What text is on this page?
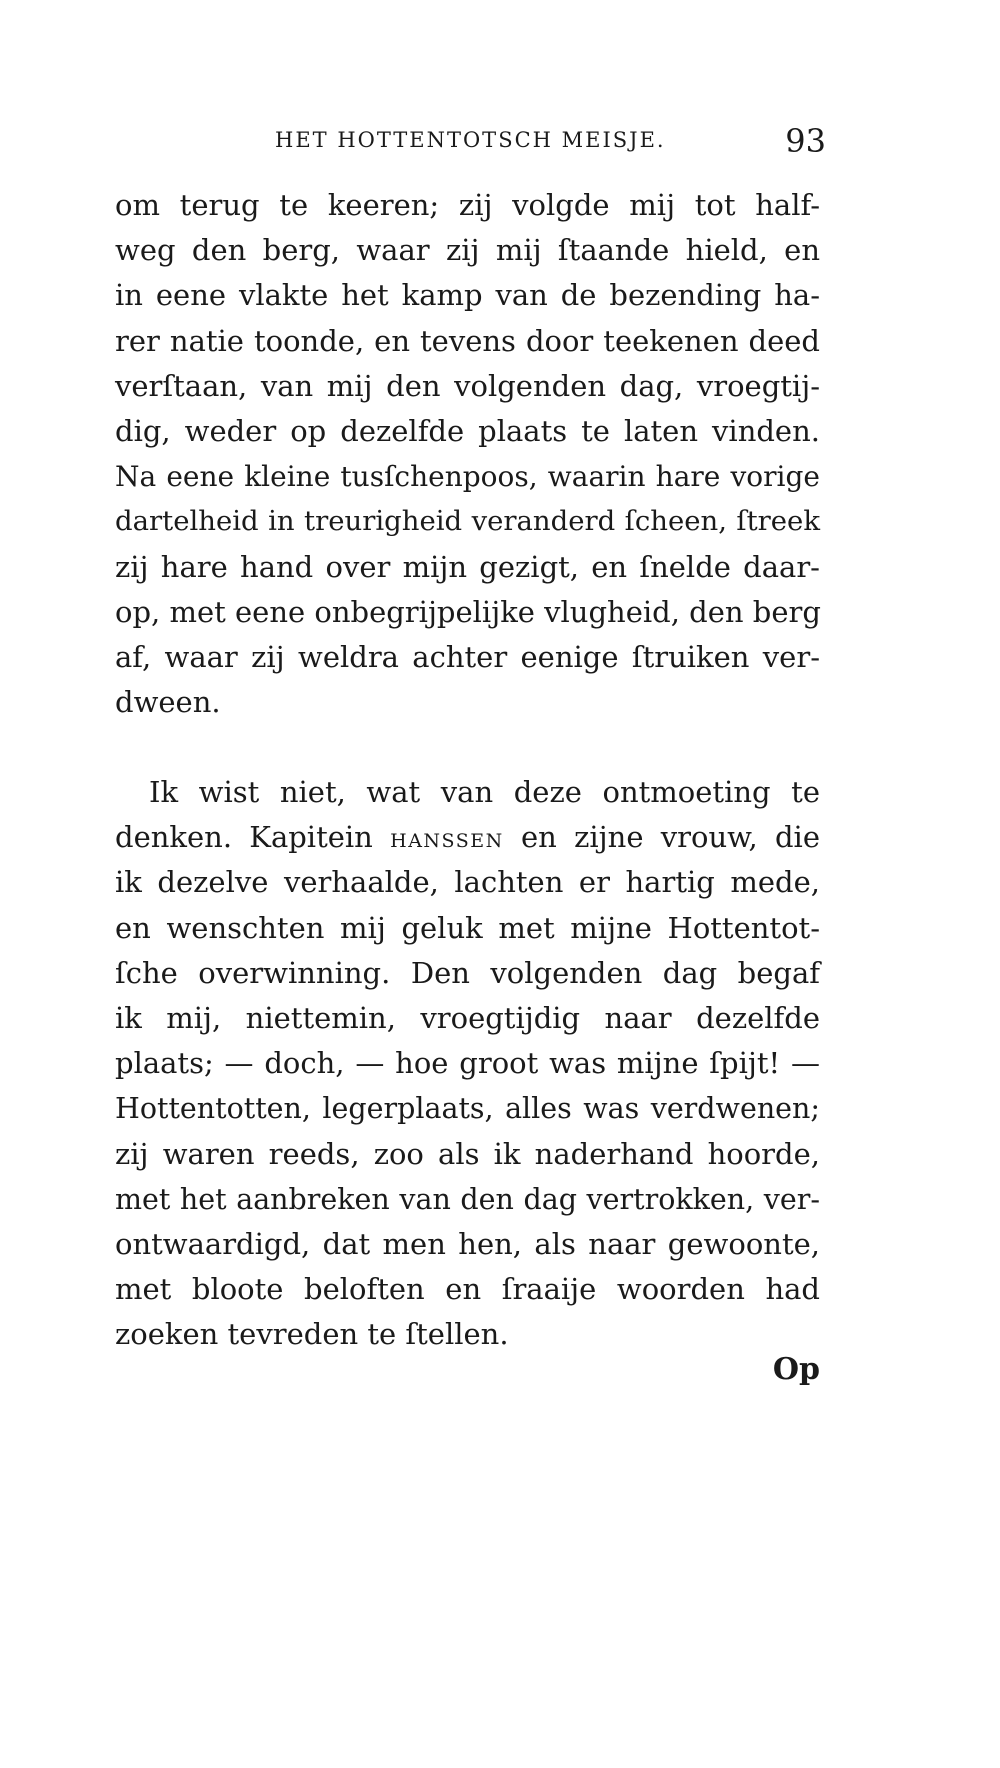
HET HOTTENTOTSCH MEISJE.	93
om terug te keeren; zij volgde mij tot half-
weg den berg, waar zij mij ſtaande hield, en
in eene vlakte het kamp van de bezending ha-
rer natie toonde, en tevens door teekenen deed
verſtaan, van mij den volgenden dag, vroegtij-
dig, weder op dezelfde plaats te laten vinden.
Na eene kleine tusſchenpoos, waarin hare vorige
dartelheid in treurigheid veranderd ſcheen, ſtreek
zij hare hand over mijn gezigt, en ſnelde daar-
op, met eene onbegrijpelijke vlugheid, den berg
af, waar zij weldra achter eenige ſtruiken ver-
dween.
Ik wist niet, wat van deze ontmoeting te
denken. Kapitein HANSSEN en zijne vrouw, die
ik dezelve verhaalde, lachten er hartig mede,
en wenschten mij geluk met mijne Hottentot-
ſche overwinning. Den volgenden dag begaf
ik mij, niettemin, vroegtijdig naar dezelfde
plaats; — doch, — hoe groot was mijne ſpijt! —
Hottentotten, legerplaats, alles was verdwenen;
zij waren reeds, zoo als ik naderhand hoorde,
met het aanbreken van den dag vertrokken, ver-
ontwaardigd, dat men hen, als naar gewoonte,
met bloote beloften en ſraaije woorden had
zoeken tevreden te ſtellen.
Op
